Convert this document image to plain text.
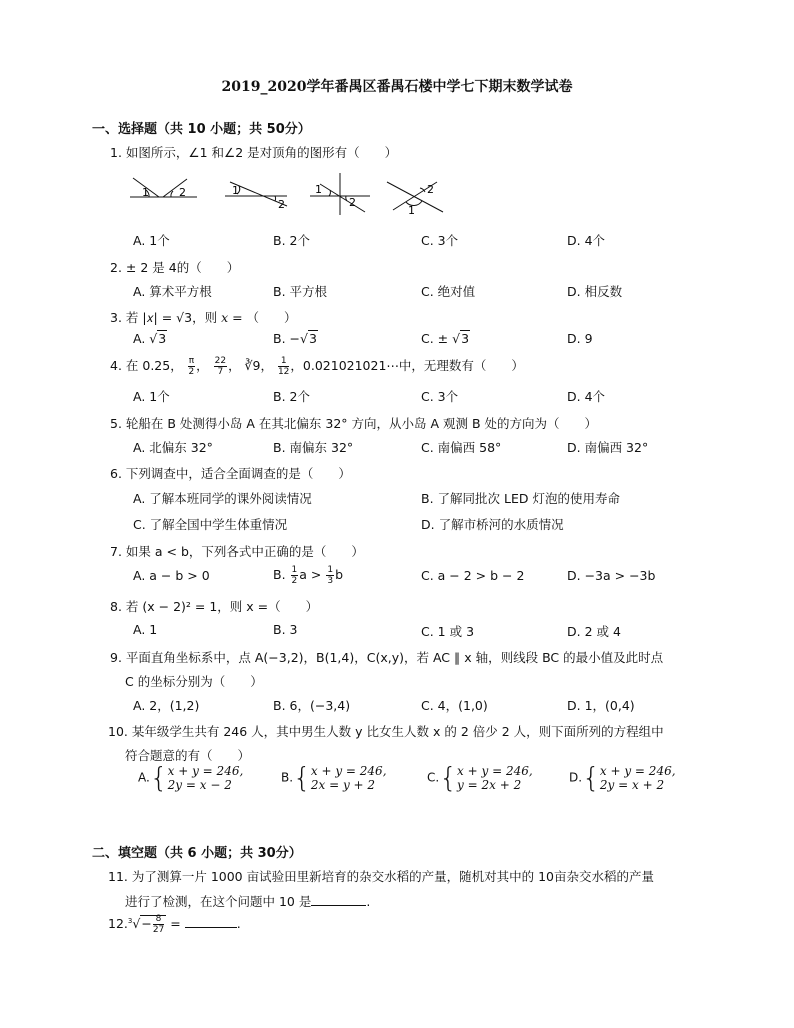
2019_2020学年番禺区番禺石楼中学七下期末数学试卷
一、选择题（共 10 小题；共 50分）
1. 如图所示，∠1 和∠2 是对顶角的图形有（　　）
1	2	1
2
1
2
2
1
A. 1个	B. 2个	C. 3个	D. 4个
2. ± 2 是 4的（　　）
A. 算术平方根	B. 平方根	C. 绝对值	D. 相反数
3. 若 |𝑥| = √3，则 x = （　　）
A. √3	B. −√3	C. ± √3	D. 9
4. 在 0.25， $\frac{\pi}{2}$ ， $\frac{22}{7}$ ， ∛9， $\frac{1}{12}$ ，0.021021021⋯中，无理数有（　　）
A. 1个	B. 2个	C. 3个	D. 4个
5. 轮船在 B 处测得小岛 A 在其北偏东 32° 方向，从小岛 A 观测 B 处的方向为（　　）
A. 北偏东 32°	B. 南偏东 32°	C. 南偏西 58°	D. 南偏西 32°
6. 下列调查中，适合全面调查的是（　　）
A. 了解本班同学的课外阅读情况	B. 了解同批次 LED 灯泡的使用寿命
C. 了解全国中学生体重情况	D. 了解市桥河的水质情况
7. 如果 a < b，下列各式中正确的是（　　）
A. a − b > 0	B. $\frac{1}{2}$ $a > \frac{1}{3}$ b	C. a − 2 > b − 2	D. −3a > −3b
8. 若 (x − 2)² = 1，则 x =（　　）
A. 1	B. 3	C. 1 或 3	D. 2 或 4
9. 平面直角坐标系中，点 A(−3,2)，B(1,4)，C(x,y)，若 AC ∥ x 轴，则线段 BC 的最小值及此时点
C 的坐标分别为（　　）
A. 2，(1,2)	B. 6，(−3,4)	C. 4，(1,0)	D. 1，(0,4)
10. 某年级学生共有 246 人，其中男生人数 y 比女生人数 x 的 2 倍少 2 人，则下面所列的方程组中
符合题意的有（　　）
A.{x + y = 246,
2y = x − 2
B.{x + y = 246,
2x = y + 2
C.{x + y = 246,
y = 2x + 2
D.{x + y = 246,
2y = x + 2
二、填空题（共 6 小题；共 30分）
11. 为了测算一片 1000 亩试验田里新培育的杂交水稻的产量，随机对其中的 10亩杂交水稻的产量
进行了检测，在这个问题中 10 是	.
$12.^3√- \frac{8}{27}$ =	.
